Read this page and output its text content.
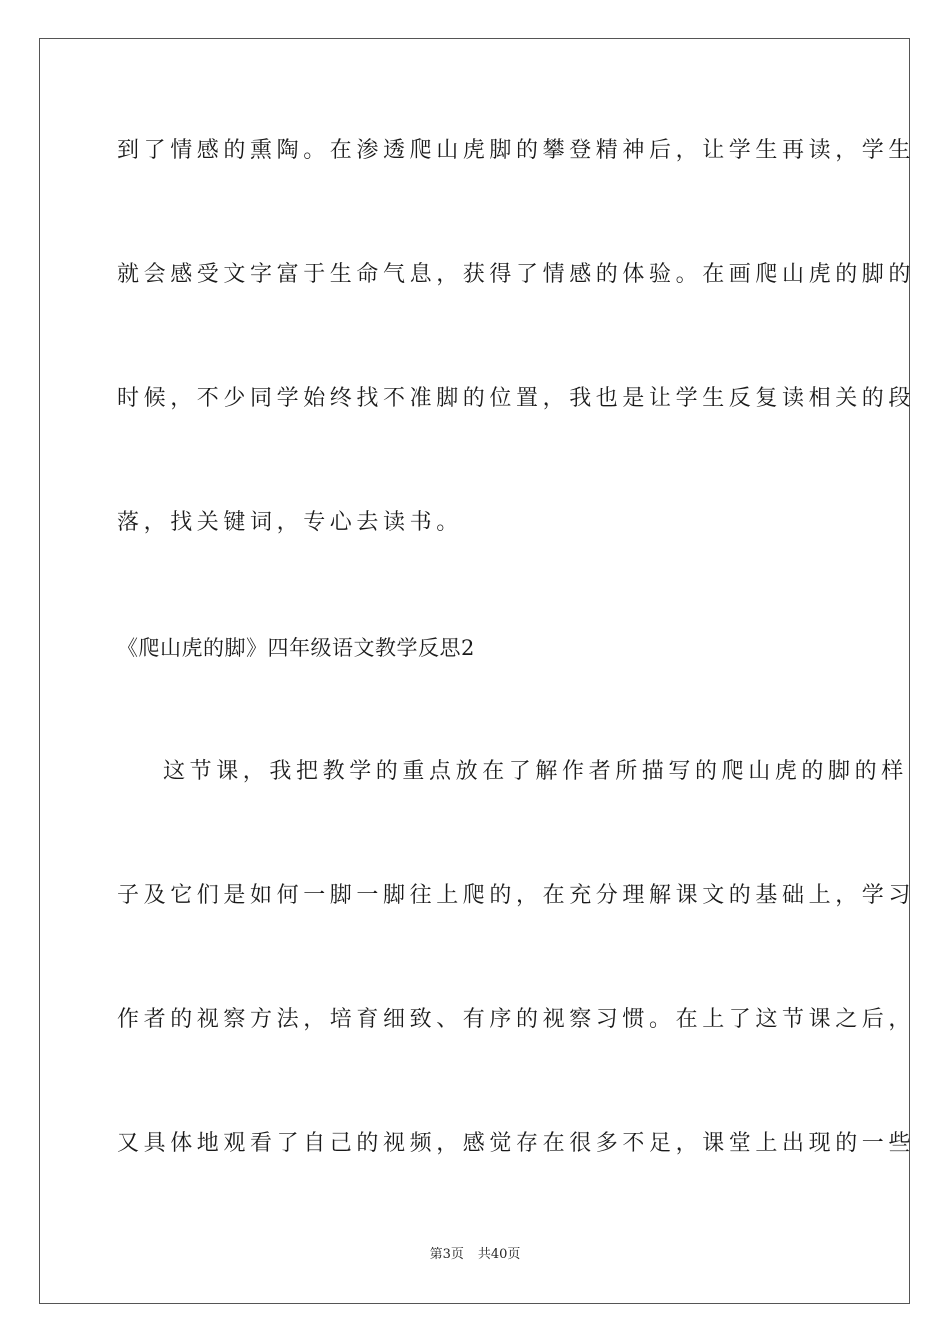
到了情感的熏陶。在渗透爬山虎脚的攀登精神后，让学生再读，学生
就会感受文字富于生命气息，获得了情感的体验。在画爬山虎的脚的
时候，不少同学始终找不准脚的位置，我也是让学生反复读相关的段
落，找关键词，专心去读书。
《爬山虎的脚》四年级语文教学反思2
这节课，我把教学的重点放在了解作者所描写的爬山虎的脚的样
子及它们是如何一脚一脚往上爬的，在充分理解课文的基础上，学习
作者的视察方法，培育细致、有序的视察习惯。在上了这节课之后，
又具体地观看了自己的视频，感觉存在很多不足，课堂上出现的一些
第3页 共40页
